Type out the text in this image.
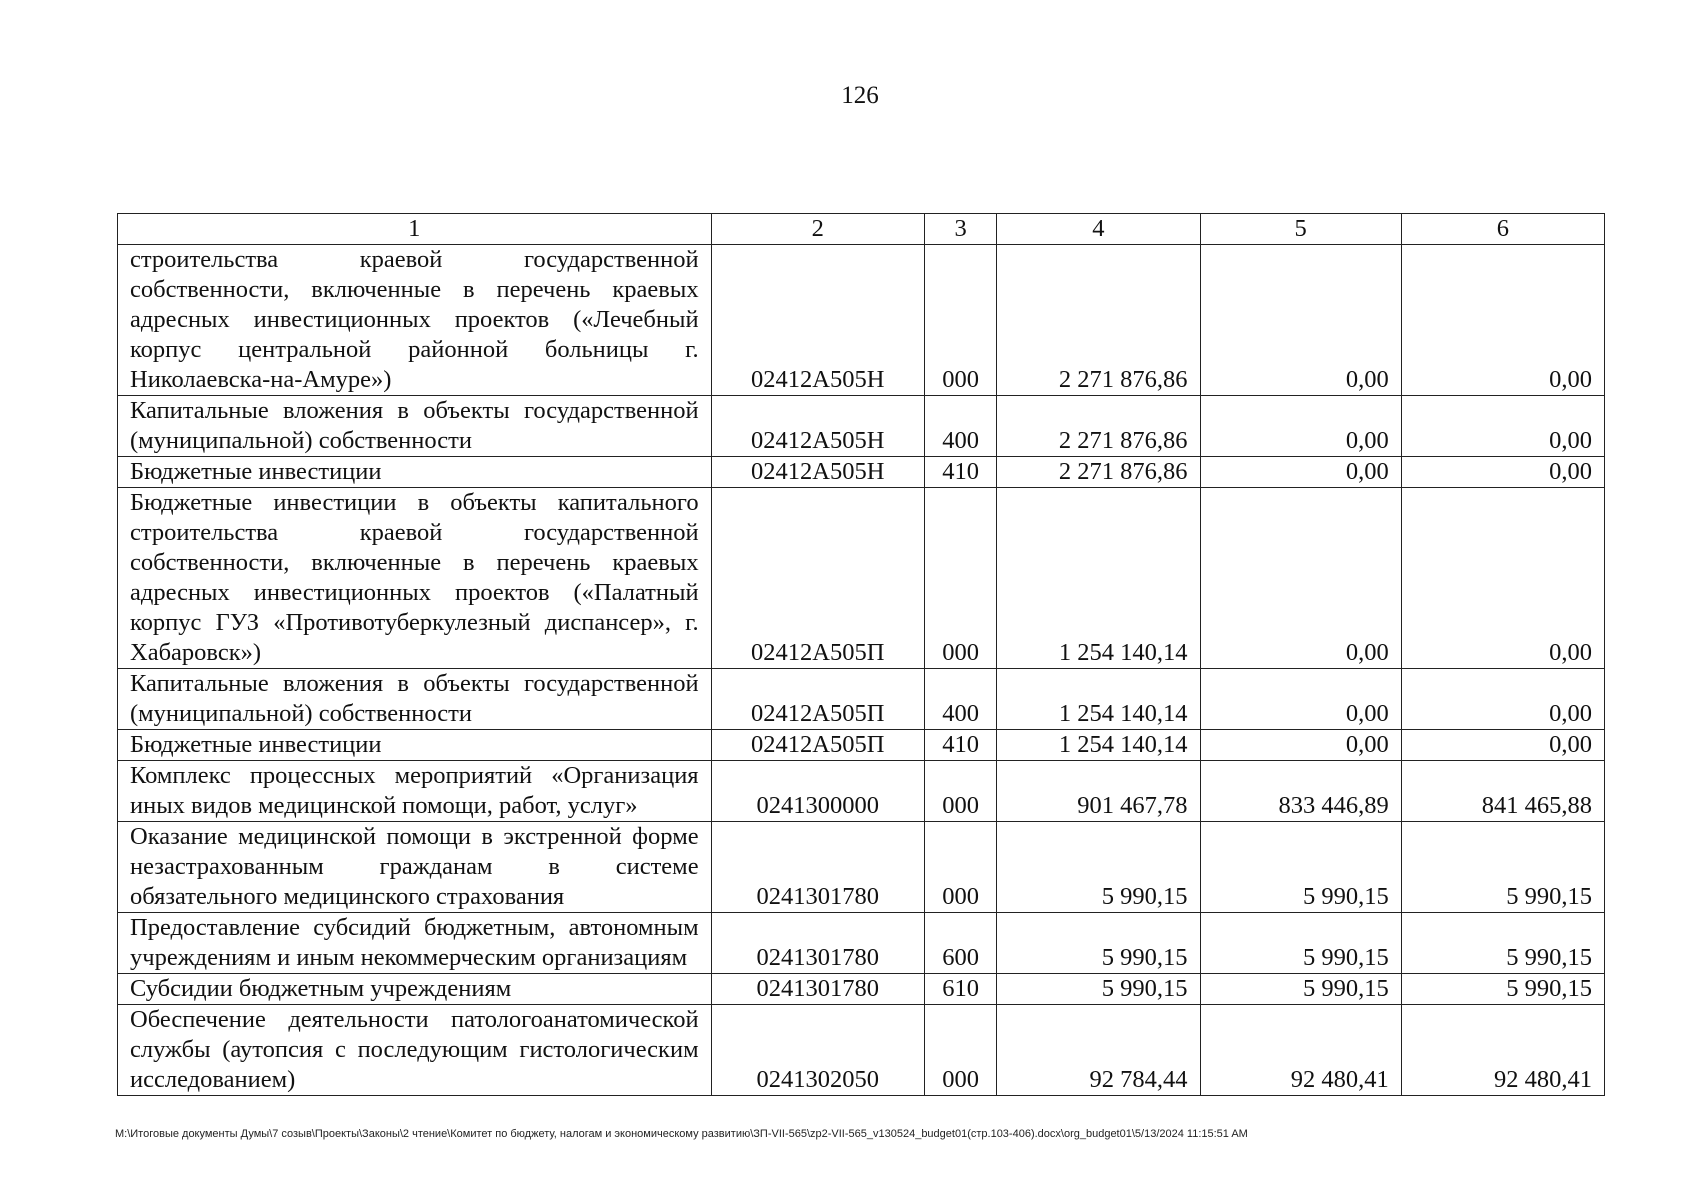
126
1	2	3	4	5	6
строительства краевой государственной собственности, включенные в перечень краевых адресных инвестиционных проектов («Лечебный корпус центральной районной больницы г. Николаевска-на-Амуре»)	02412А505Н	000	2 271 876,86	0,00	0,00
Капитальные вложения в объекты государственной (муниципальной) собственности	02412А505Н	400	2 271 876,86	0,00	0,00
Бюджетные инвестиции	02412А505Н	410	2 271 876,86	0,00	0,00
Бюджетные инвестиции в объекты капитального строительства краевой государственной собственности, включенные в перечень краевых адресных инвестиционных проектов («Палатный корпус ГУЗ «Противотуберкулезный диспансер», г. Хабаровск»)	02412А505П	000	1 254 140,14	0,00	0,00
Капитальные вложения в объекты государственной (муниципальной) собственности	02412А505П	400	1 254 140,14	0,00	0,00
Бюджетные инвестиции	02412А505П	410	1 254 140,14	0,00	0,00
Комплекс процессных мероприятий «Организация иных видов медицинской помощи, работ, услуг»	0241300000	000	901 467,78	833 446,89	841 465,88
Оказание медицинской помощи в экстренной форме незастрахованным гражданам в системе обязательного медицинского страхования	0241301780	000	5 990,15	5 990,15	5 990,15
Предоставление субсидий бюджетным, автономным учреждениям и иным некоммерческим организациям	0241301780	600	5 990,15	5 990,15	5 990,15
Субсидии бюджетным учреждениям	0241301780	610	5 990,15	5 990,15	5 990,15
Обеспечение деятельности патологоанатомической службы (аутопсия с последующим гистологическим исследованием)	0241302050	000	92 784,44	92 480,41	92 480,41
M:\Итоговые документы Думы\7 созыв\Проекты\Законы\2 чтение\Комитет по бюджету, налогам и экономическому развитию\ЗП-VII-565\zp2-VII-565_v130524_budget01(стр.103-406).docx\org_budget01\5/13/2024 11:15:51 AM
